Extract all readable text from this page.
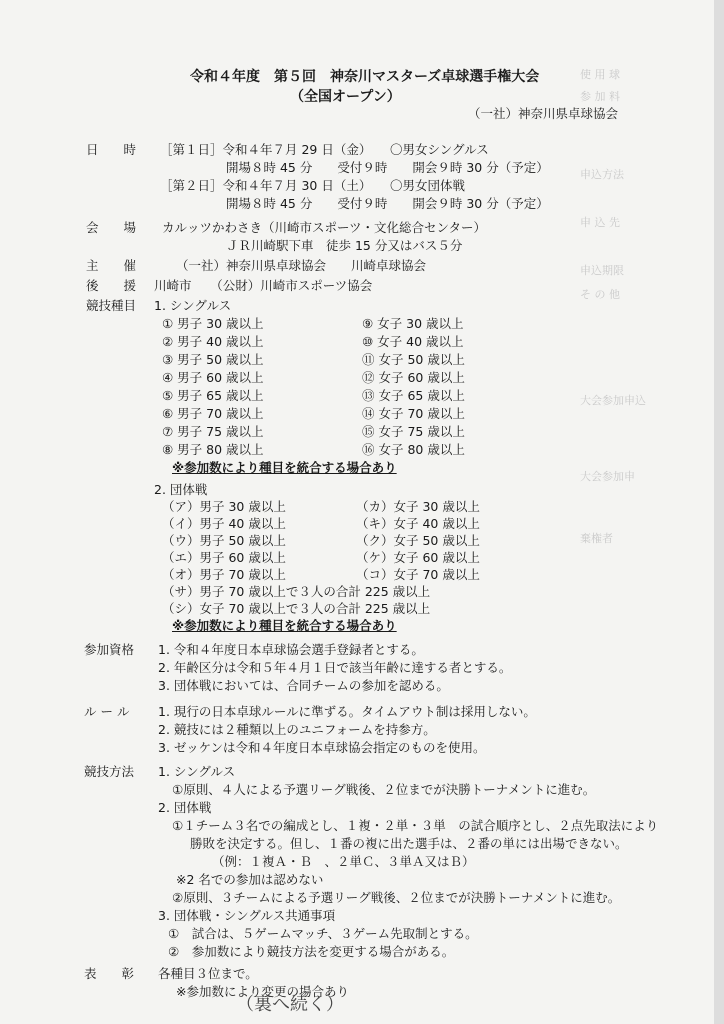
使 用 球
参 加 料
申込方法
申 込 先
申込期限
そ の 他
大会参加申込
大会参加申
棄権者
令和４年度　第５回　神奈川マスターズ卓球選手権大会
（全国オープン）
（一社）神奈川県卓球協会
日　　時 ［第１日］令和４年７月 29 日（金） 〇男女シングルス
開場８時 45 分　　受付９時　　開会９時 30 分（予定）
［第２日］令和４年７月 30 日（土） 〇男女団体戦
開場８時 45 分　　受付９時　　開会９時 30 分（予定）
会　　場 カルッツかわさき（川崎市スポーツ・文化総合センター）
ＪＲ川崎駅下車　徒歩 15 分又はバス５分
主　　催	（一社）神奈川県卓球協会　　川崎卓球協会
後　　援 川崎市　　（公財）川崎市スポーツ協会
競技種目 1. シングルス
① 男子 30 歳以上
② 男子 40 歳以上
③ 男子 50 歳以上
④ 男子 60 歳以上
⑤ 男子 65 歳以上
⑥ 男子 70 歳以上
⑦ 男子 75 歳以上
⑧ 男子 80 歳以上
⑨ 女子 30 歳以上
⑩ 女子 40 歳以上
⑪ 女子 50 歳以上
⑫ 女子 60 歳以上
⑬ 女子 65 歳以上
⑭ 女子 70 歳以上
⑮ 女子 75 歳以上
⑯ 女子 80 歳以上
※参加数により種目を統合する場合あり
2. 団体戦
（ア）男子 30 歳以上
（イ）男子 40 歳以上
（ウ）男子 50 歳以上
（エ）男子 60 歳以上
（オ）男子 70 歳以上
（カ）女子 30 歳以上
（キ）女子 40 歳以上
（ク）女子 50 歳以上
（ケ）女子 60 歳以上
（コ）女子 70 歳以上
（サ）男子 70 歳以上で３人の合計 225 歳以上
（シ）女子 70 歳以上で３人の合計 225 歳以上
※参加数により種目を統合する場合あり
参加資格 1. 令和４年度日本卓球協会選手登録者とする。
2. 年齢区分は令和５年４月１日で該当年齢に達する者とする。
3. 団体戦においては、合同チームの参加を認める。
ル ー ル 1. 現行の日本卓球ルールに準ずる。タイムアウト制は採用しない。
2. 競技には２種類以上のユニフォームを持参方。
3. ゼッケンは令和４年度日本卓球協会指定のものを使用。
競技方法 1. シングルス
①原則、４人による予選リーグ戦後、２位までが決勝トーナメントに進む。
2. 団体戦
①１チーム３名での編成とし、１複・２単・３単　の試合順序とし、２点先取法により
勝敗を決定する。但し、１番の複に出た選手は、２番の単には出場できない。
（例：１複Ａ・Ｂ　、２単Ｃ、３単Ａ又はＢ）
※2 名での参加は認めない
②原則、３チームによる予選リーグ戦後、２位までが決勝トーナメントに進む。
3. 団体戦・シングルス共通事項
①　試合は、５ゲームマッチ、３ゲーム先取制とする。
②　参加数により競技方法を変更する場合がある。
表　　彰 各種目３位まで。
※参加数により変更の場合あり
（裏へ続く）
